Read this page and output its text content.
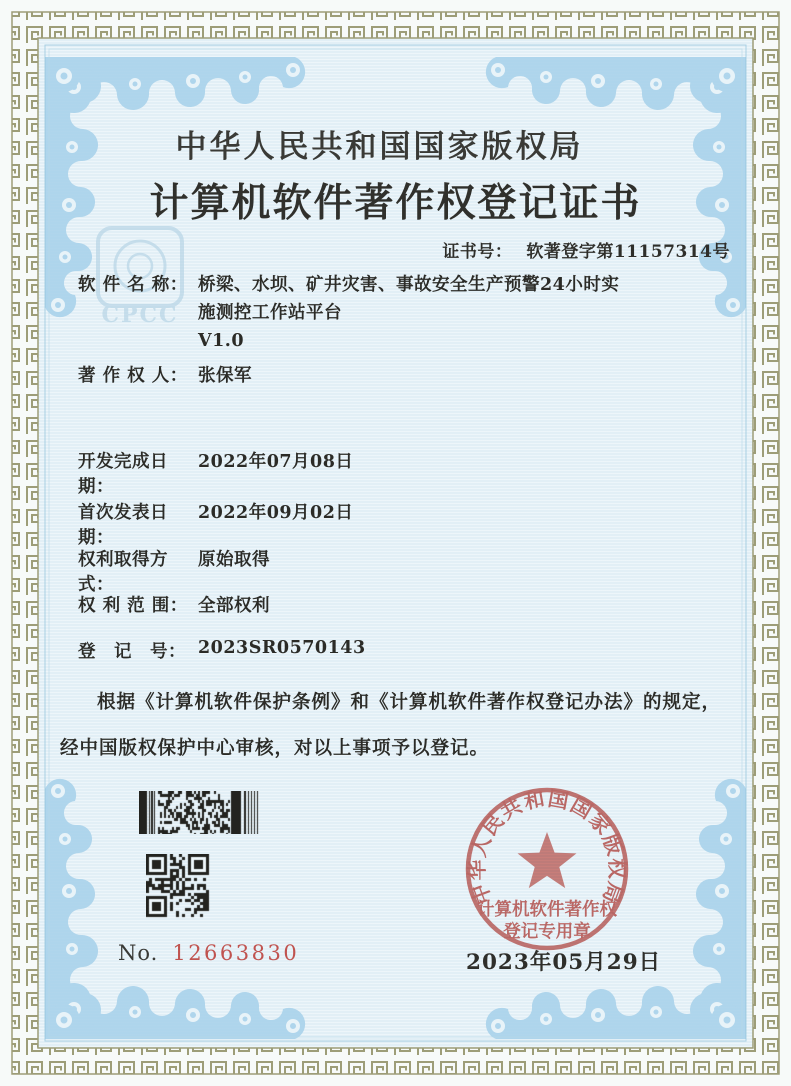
CPCC
中华人民共和国国家版权局
计算机软件著作权登记证书
证书号： 软著登字第11157314号
软 件 名 称： 桥梁、水坝、矿井灾害、事故安全生产预警24小时实
施测控工作站平台
V1.0
著 作 权 人： 张保军
开发完成日期：
2022年07月08日
首次发表日期：
2022年09月02日
权利取得方式：
原始取得
权 利 范 围： 全部权利
登　记　号： 2023SR0570143
根据《计算机软件保护条例》和《计算机软件著作权登记办法》的规定，经中国版权保护中心审核，对以上事项予以登记。
No. 12663830	2023年05月29日
中华人民共和国国家版权局
计算机软件著作权
登记专用章
